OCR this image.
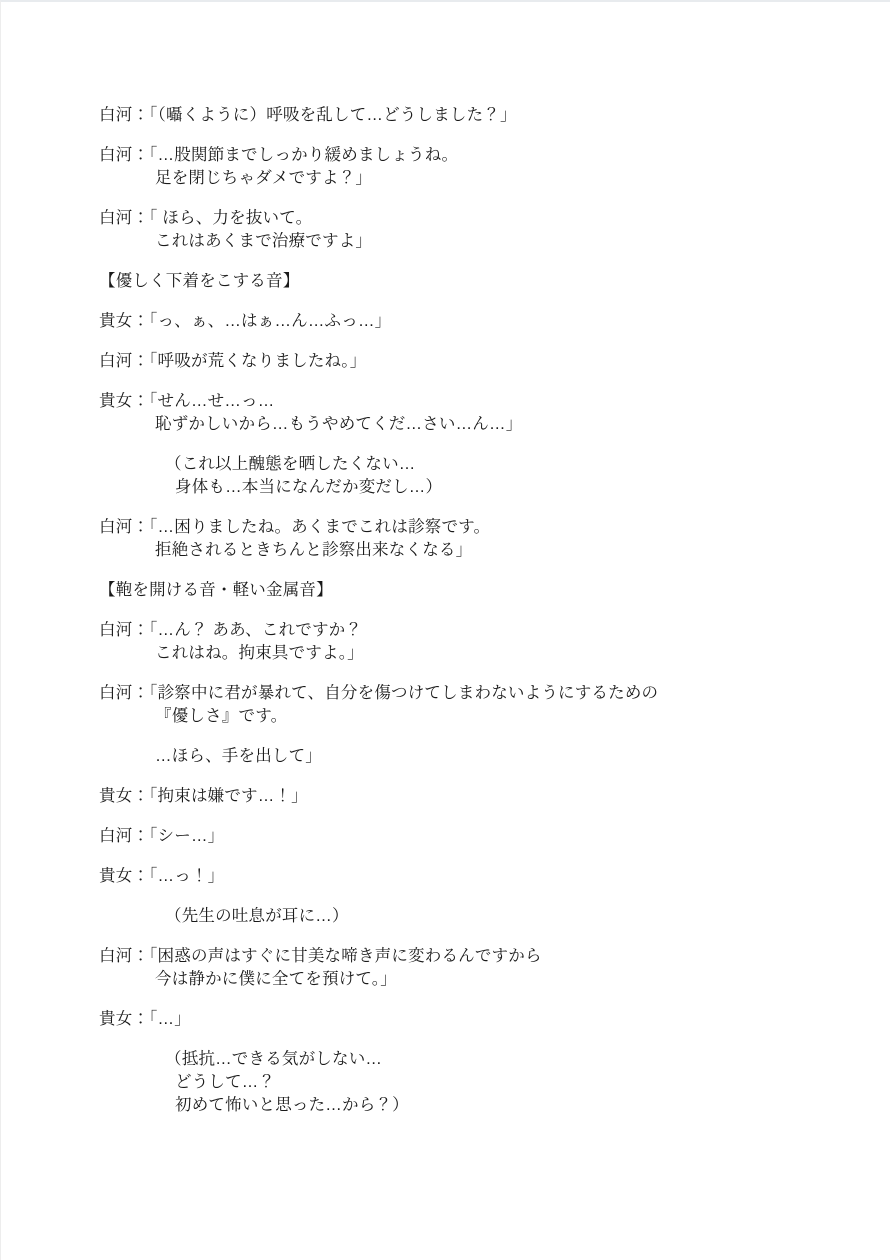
白河：「（囁くように）呼吸を乱して…どうしました？」
白河：「…股関節までしっかり緩めましょうね。
足を閉じちゃダメですよ？」
白河：「 ほら、力を抜いて。
これはあくまで治療ですよ」
【優しく下着をこする音】
貴女：「っ、ぁ、…はぁ…ん…ふっ…」
白河：「呼吸が荒くなりましたね。」
貴女：「せん…せ…っ…
恥ずかしいから…もうやめてくだ…さい…ん…」
（これ以上醜態を晒したくない…
身体も…本当になんだか変だし…）
白河：「…困りましたね。あくまでこれは診察です。
拒絶されるときちんと診察出来なくなる」
【鞄を開ける音・軽い金属音】
白河：「…ん？ ああ、これですか？
これはね。拘束具ですよ。」
白河：「診察中に君が暴れて、自分を傷つけてしまわないようにするための
『優しさ』です。
…ほら、手を出して」
貴女：「拘束は嫌です…！」
白河：「シー…」
貴女：「…っ！」
（先生の吐息が耳に…）
白河：「困惑の声はすぐに甘美な啼き声に変わるんですから
今は静かに僕に全てを預けて。」
貴女：「…」
（抵抗…できる気がしない…
どうして…？
初めて怖いと思った…から？）
